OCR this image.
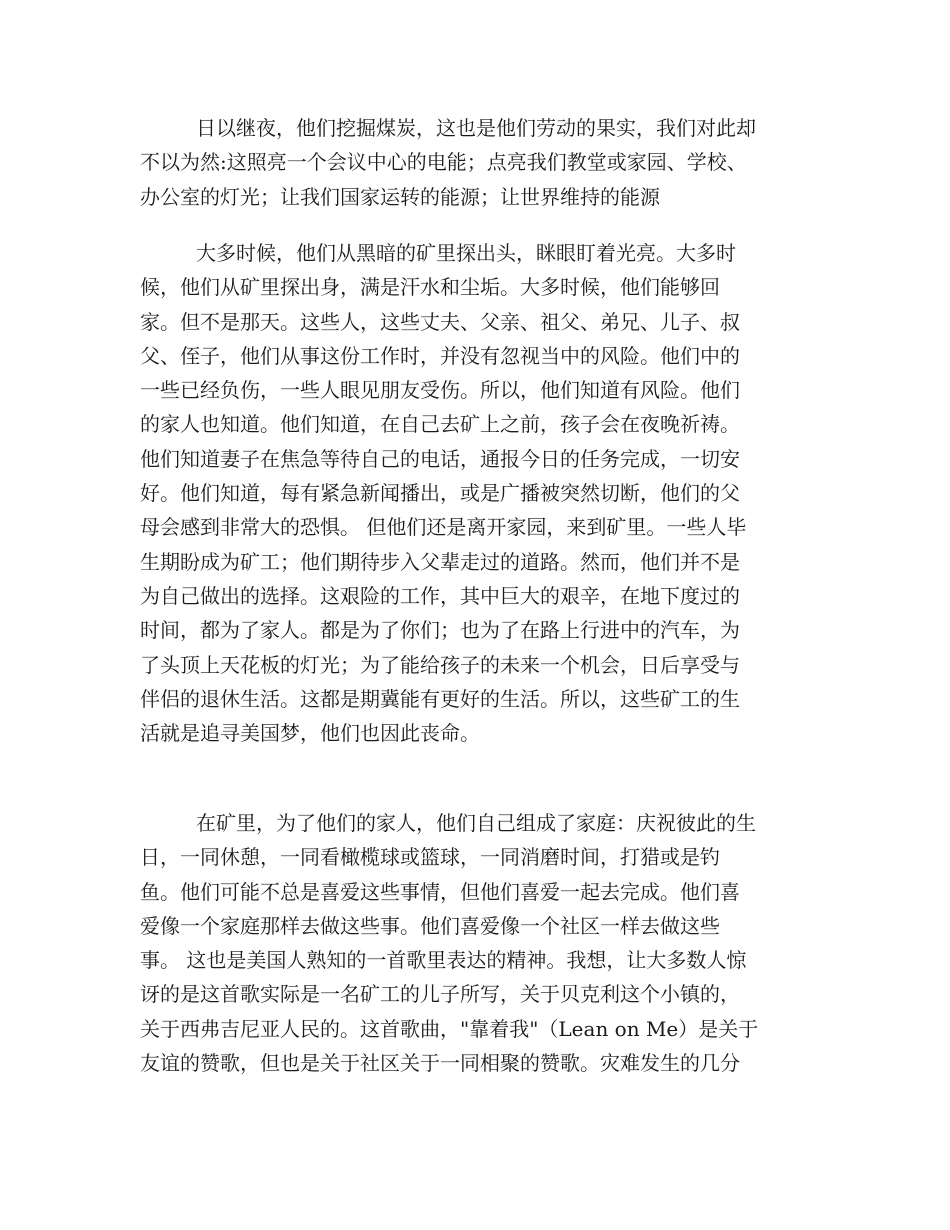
日以继夜，他们挖掘煤炭，这也是他们劳动的果实，我们对此却
不以为然:这照亮一个会议中心的电能；点亮我们教堂或家园、学校、
办公室的灯光；让我们国家运转的能源；让世界维持的能源
大多时候，他们从黑暗的矿里探出头，眯眼盯着光亮。大多时
候，他们从矿里探出身，满是汗水和尘垢。大多时候，他们能够回
家。但不是那天。这些人，这些丈夫、父亲、祖父、弟兄、儿子、叔
父、侄子，他们从事这份工作时，并没有忽视当中的风险。他们中的
一些已经负伤，一些人眼见朋友受伤。所以，他们知道有风险。他们
的家人也知道。他们知道，在自己去矿上之前，孩子会在夜晚祈祷。
他们知道妻子在焦急等待自己的电话，通报今日的任务完成，一切安
好。他们知道，每有紧急新闻播出，或是广播被突然切断，他们的父
母会感到非常大的恐惧。 但他们还是离开家园，来到矿里。一些人毕
生期盼成为矿工；他们期待步入父辈走过的道路。然而，他们并不是
为自己做出的选择。这艰险的工作，其中巨大的艰辛，在地下度过的
时间，都为了家人。都是为了你们；也为了在路上行进中的汽车，为
了头顶上天花板的灯光；为了能给孩子的未来一个机会，日后享受与
伴侣的退休生活。这都是期冀能有更好的生活。所以，这些矿工的生
活就是追寻美国梦，他们也因此丧命。
在矿里，为了他们的家人，他们自己组成了家庭：庆祝彼此的生
日，一同休憩，一同看橄榄球或篮球，一同消磨时间，打猎或是钓
鱼。他们可能不总是喜爱这些事情，但他们喜爱一起去完成。他们喜
爱像一个家庭那样去做这些事。他们喜爱像一个社区一样去做这些
事。 这也是美国人熟知的一首歌里表达的精神。我想，让大多数人惊
讶的是这首歌实际是一名矿工的儿子所写，关于贝克利这个小镇的，
关于西弗吉尼亚人民的。这首歌曲，"靠着我"（Lean on Me）是关于
友谊的赞歌，但也是关于社区关于一同相聚的赞歌。灾难发生的几分
